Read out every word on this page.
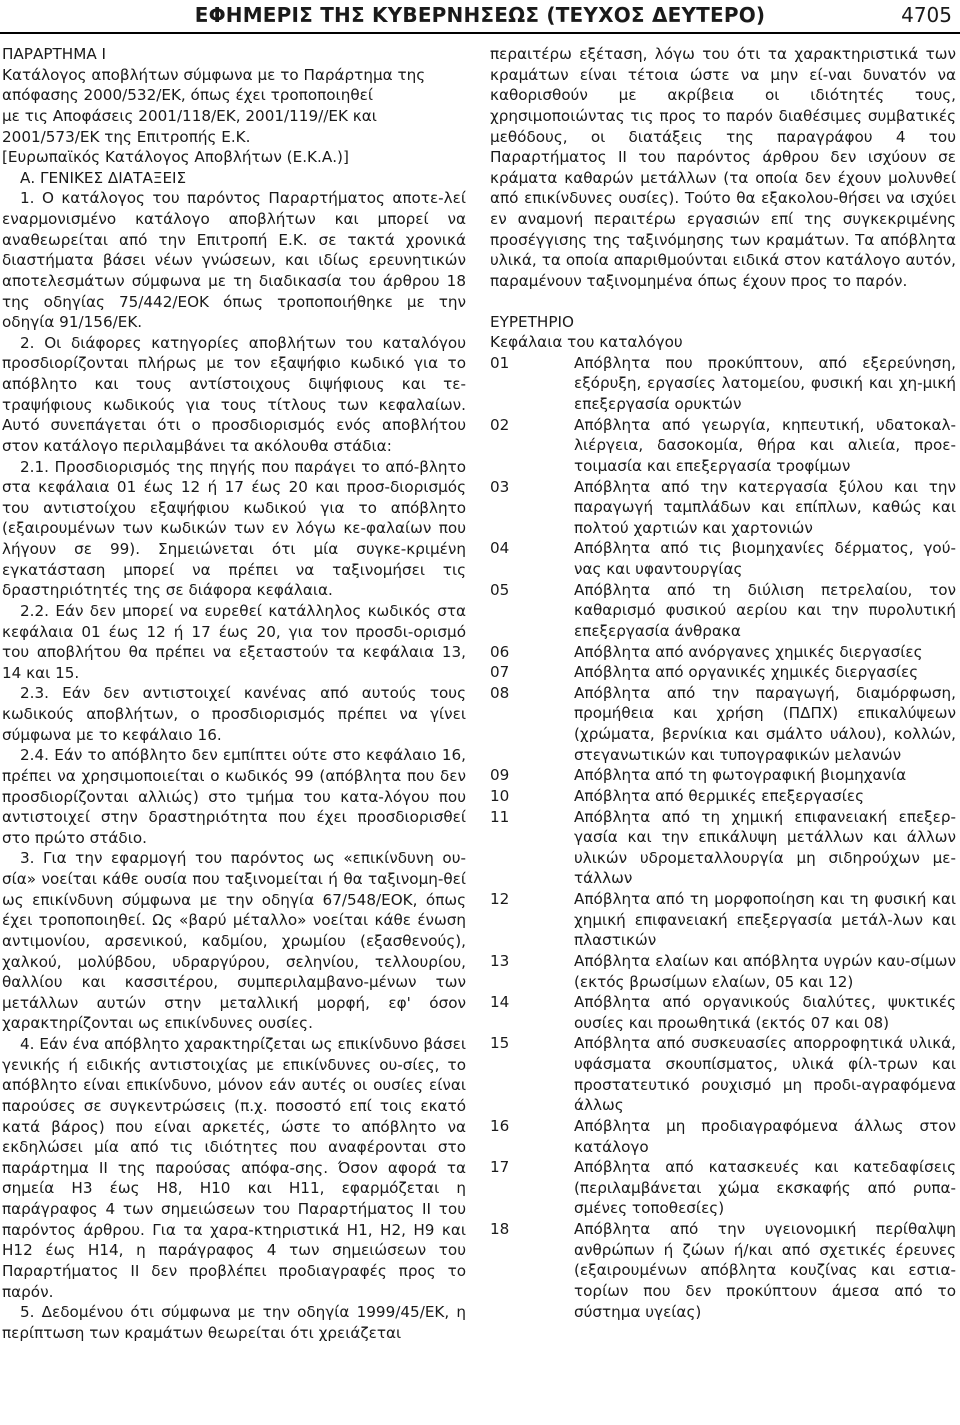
ΕΦΗΜΕΡΙΣ ΤΗΣ ΚΥΒΕΡΝΗΣΕΩΣ (ΤΕΥΧΟΣ ΔΕΥΤΕΡΟ)	4705

ΠΑΡΑΡΤΗΜΑ Ι

Κατάλογος αποβλήτων σύμφωνα με το Παράρτημα της

απόφασης 2000/532/ΕΚ, όπως έχει τροποποιηθεί

με τις Αποφάσεις 2001/118/ΕΚ, 2001/119//ΕΚ και

2001/573/ΕΚ της Επιτροπής Ε.Κ.

[Ευρωπαϊκός Κατάλογος Αποβλήτων (Ε.Κ.Α.)]

Α. ΓΕΝΙΚΕΣ ΔΙΑΤΑΞΕΙΣ

1. Ο κατάλογος του παρόντος Παραρτήματος αποτε-λεί εναρμονισμένο κατάλογο αποβλήτων και μπορεί να αναθεωρείται από την Επιτροπή Ε.Κ. σε τακτά χρονικά διαστήματα βάσει νέων γνώσεων, και ιδίως ερευνητικών αποτελεσμάτων σύμφωνα με τη διαδικασία του άρθρου 18 της οδηγίας 75/442/ΕΟΚ όπως τροποποιήθηκε με την οδηγία 91/156/ΕΚ.

2. Οι διάφορες κατηγορίες αποβλήτων του καταλόγου προσδιορίζονται πλήρως με τον εξαψήφιο κωδικό για το απόβλητο και τους αντίστοιχους διψήφιους και τε-τραψήφιους κωδικούς για τους τίτλους των κεφαλαίων. Αυτό συνεπάγεται ότι ο προσδιορισμός ενός αποβλήτου στον κατάλογο περιλαμβάνει τα ακόλουθα στάδια:

2.1. Προσδιορισμός της πηγής που παράγει το από-βλητο στα κεφάλαια 01 έως 12 ή 17 έως 20 και προσ-διορισμός του αντιστοίχου εξαψήφιου κωδικού για το απόβλητο (εξαιρουμένων των κωδικών των εν λόγω κε-φαλαίων που λήγουν σε 99). Σημειώνεται ότι μία συγκε-κριμένη εγκατάσταση μπορεί να πρέπει να ταξινομήσει τις δραστηριότητές της σε διάφορα κεφάλαια.

2.2. Εάν δεν μπορεί να ευρεθεί κατάλληλος κωδικός στα κεφάλαια 01 έως 12 ή 17 έως 20, για τον προσδι-ορισμό του αποβλήτου θα πρέπει να εξεταστούν τα κεφάλαια 13, 14 και 15.

2.3. Εάν δεν αντιστοιχεί κανένας από αυτούς τους κωδικούς αποβλήτων, ο προσδιορισμός πρέπει να γίνει σύμφωνα με το κεφάλαιο 16.

2.4. Εάν το απόβλητο δεν εμπίπτει ούτε στο κεφάλαιο 16, πρέπει να χρησιμοποιείται ο κωδικός 99 (απόβλητα που δεν προσδιορίζονται αλλιώς) στο τμήμα του κατα-λόγου που αντιστοιχεί στην δραστηριότητα που έχει προσδιορισθεί στο πρώτο στάδιο.

3. Για την εφαρμογή του παρόντος ως «επικίνδυνη ου-σία» νοείται κάθε ουσία που ταξινομείται ή θα ταξινομη-θεί ως επικίνδυνη σύμφωνα με την οδηγία 67/548/ΕΟΚ, όπως έχει τροποποιηθεί. Ως «βαρύ μέταλλο» νοείται κάθε ένωση αντιμονίου, αρσενικού, καδμίου, χρωμίου (εξασθενούς), χαλκού, μολύβδου, υδραργύρου, σεληνίου, τελλουρίου, θαλλίου και κασσιτέρου, συμπεριλαμβανο-μένων των μετάλλων αυτών στην μεταλλική μορφή, εφ' όσον χαρακτηρίζονται ως επικίνδυνες ουσίες.

4. Εάν ένα απόβλητο χαρακτηρίζεται ως επικίνδυνο βάσει γενικής ή ειδικής αντιστοιχίας με επικίνδυνες ου-σίες, το απόβλητο είναι επικίνδυνο, μόνον εάν αυτές οι ουσίες είναι παρούσες σε συγκεντρώσεις (π.χ. ποσοστό επί τοις εκατό κατά βάρος) που είναι αρκετές, ώστε το απόβλητο να εκδηλώσει μία από τις ιδιότητες που αναφέρονται στο παράρτημα ΙΙ της παρούσας απόφα-σης. Όσον αφορά τα σημεία Η3 έως Η8, Η10 και Η11, εφαρμόζεται η παράγραφος 4 των σημειώσεων του Παραρτήματος ΙΙ του παρόντος άρθρου. Για τα χαρα-κτηριστικά Η1, Η2, Η9 και Η12 έως Η14, η παράγραφος 4 των σημειώσεων του Παραρτήματος ΙΙ δεν προβλέπει προδιαγραφές προς το παρόν.

5. Δεδομένου ότι σύμφωνα με την οδηγία 1999/45/ΕΚ, η περίπτωση των κραμάτων θεωρείται ότι χρειάζεται

περαιτέρω εξέταση, λόγω του ότι τα χαρακτηριστικά των κραμάτων είναι τέτοια ώστε να μην εί-ναι δυνατόν να καθορισθούν με ακρίβεια οι ιδιότητές τους, χρησιμοποιώντας τις προς το παρόν διαθέσιμες συμβατικές μεθόδους, οι διατάξεις της παραγράφου 4 του Παραρτήματος ΙΙ του παρόντος άρθρου δεν ισχύουν σε κράματα καθαρών μετάλλων (τα οποία δεν έχουν μολυνθεί από επικίνδυνες ουσίες). Τούτο θα εξακολου-θήσει να ισχύει εν αναμονή περαιτέρω εργασιών επί της συγκεκριμένης προσέγγισης της ταξινόμησης των κραμάτων. Τα απόβλητα υλικά, τα οποία απαριθμούνται ειδικά στον κατάλογο αυτόν, παραμένουν ταξινομημένα όπως έχουν προς το παρόν.

ΕΥΡΕΤΗΡΙΟ

Κεφάλαια του καταλόγου

01	Απόβλητα που προκύπτουν, από εξερεύνηση, εξόρυξη, εργασίες λατομείου, φυσική και χη-μική επεξεργασία ορυκτών
02	Απόβλητα από γεωργία, κηπευτική, υδατοκαλ-λιέργεια, δασοκομία, θήρα και αλιεία, προε-τοιμασία και επεξεργασία τροφίμων
03	Απόβλητα από την κατεργασία ξύλου και την παραγωγή ταμπλάδων και επίπλων, καθώς και πολτού χαρτιών και χαρτονιών
04	Απόβλητα από τις βιομηχανίες δέρματος, γού-νας και υφαντουργίας
05	Απόβλητα από τη διύλιση πετρελαίου, τον καθαρισμό φυσικού αερίου και την πυρολυτική επεξεργασία άνθρακα
06	Απόβλητα από ανόργανες χημικές διεργασίες
07	Απόβλητα από οργανικές χημικές διεργασίες
08	Απόβλητα από την παραγωγή, διαμόρφωση, προμήθεια και χρήση (ΠΔΠΧ) επικαλύψεων (χρώματα, βερνίκια και σμάλτο υάλου), κολλών, στεγανωτικών και τυπογραφικών μελανών
09	Απόβλητα από τη φωτογραφική βιομηχανία
10	Απόβλητα από θερμικές επεξεργασίες
11	Απόβλητα από τη χημική επιφανειακή επεξερ-γασία και την επικάλυψη μετάλλων και άλλων υλικών υδρομεταλλουργία μη σιδηρούχων με-τάλλων
12	Απόβλητα από τη μορφοποίηση και τη φυσική και χημική επιφανειακή επεξεργασία μετάλ-λων και πλαστικών
13	Απόβλητα ελαίων και απόβλητα υγρών καυ-σίμων (εκτός βρωσίμων ελαίων, 05 και 12)
14	Απόβλητα από οργανικούς διαλύτες, ψυκτικές ουσίες και προωθητικά (εκτός 07 και 08)
15	Απόβλητα από συσκευασίες απορροφητικά υλικά, υφάσματα σκουπίσματος, υλικά φίλ-τρων και προστατευτικό ρουχισμό μη προδι-αγραφόμενα άλλως
16	Απόβλητα μη προδιαγραφόμενα άλλως στον κατάλογο
17	Απόβλητα από κατασκευές και κατεδαφίσεις (περιλαμβάνεται χώμα εκσκαφής από ρυπα-σμένες τοποθεσίες)
18	Απόβλητα από την υγειονομική περίθαλψη ανθρώπων ή ζώων ή/και από σχετικές έρευνες (εξαιρουμένων απόβλητα κουζίνας και εστια-τορίων που δεν προκύπτουν άμεσα από το σύστημα υγείας)
